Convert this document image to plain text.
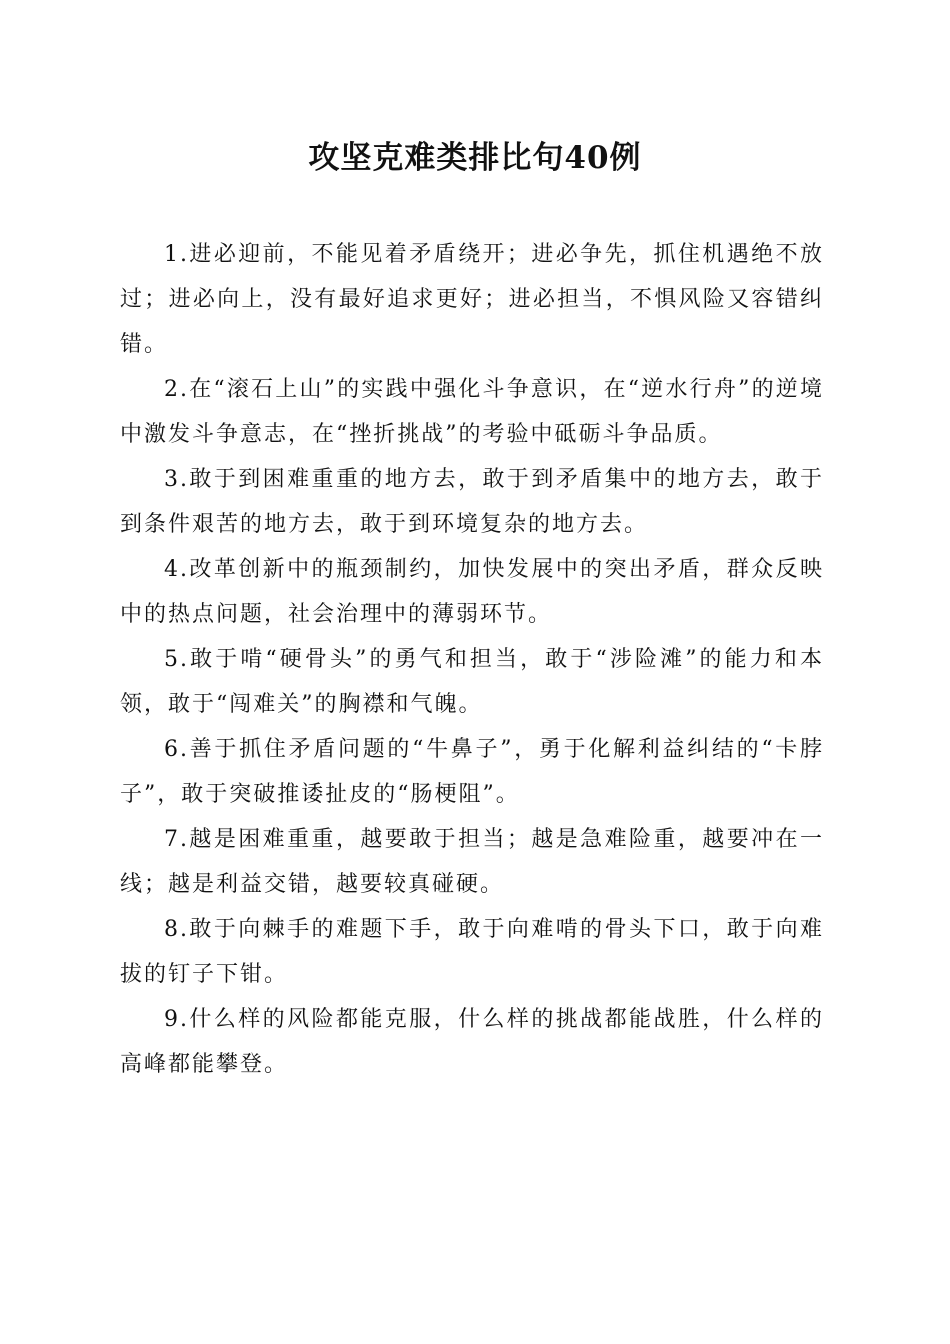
攻坚克难类排比句40例

1.进必迎前，不能见着矛盾绕开；进必争先，抓住机遇绝不放过；进必向上，没有最好追求更好；进必担当，不惧风险又容错纠错。

2.在“滚石上山”的实践中强化斗争意识，在“逆水行舟”的逆境中激发斗争意志，在“挫折挑战”的考验中砥砺斗争品质。

3.敢于到困难重重的地方去，敢于到矛盾集中的地方去，敢于到条件艰苦的地方去，敢于到环境复杂的地方去。

4.改革创新中的瓶颈制约，加快发展中的突出矛盾，群众反映中的热点问题，社会治理中的薄弱环节。

5.敢于啃“硬骨头”的勇气和担当，敢于“涉险滩”的能力和本领，敢于“闯难关”的胸襟和气魄。

6.善于抓住矛盾问题的“牛鼻子”，勇于化解利益纠结的“卡脖子”，敢于突破推诿扯皮的“肠梗阻”。

7.越是困难重重，越要敢于担当；越是急难险重，越要冲在一线；越是利益交错，越要较真碰硬。

8.敢于向棘手的难题下手，敢于向难啃的骨头下口，敢于向难拔的钉子下钳。

9.什么样的风险都能克服，什么样的挑战都能战胜，什么样的高峰都能攀登。
